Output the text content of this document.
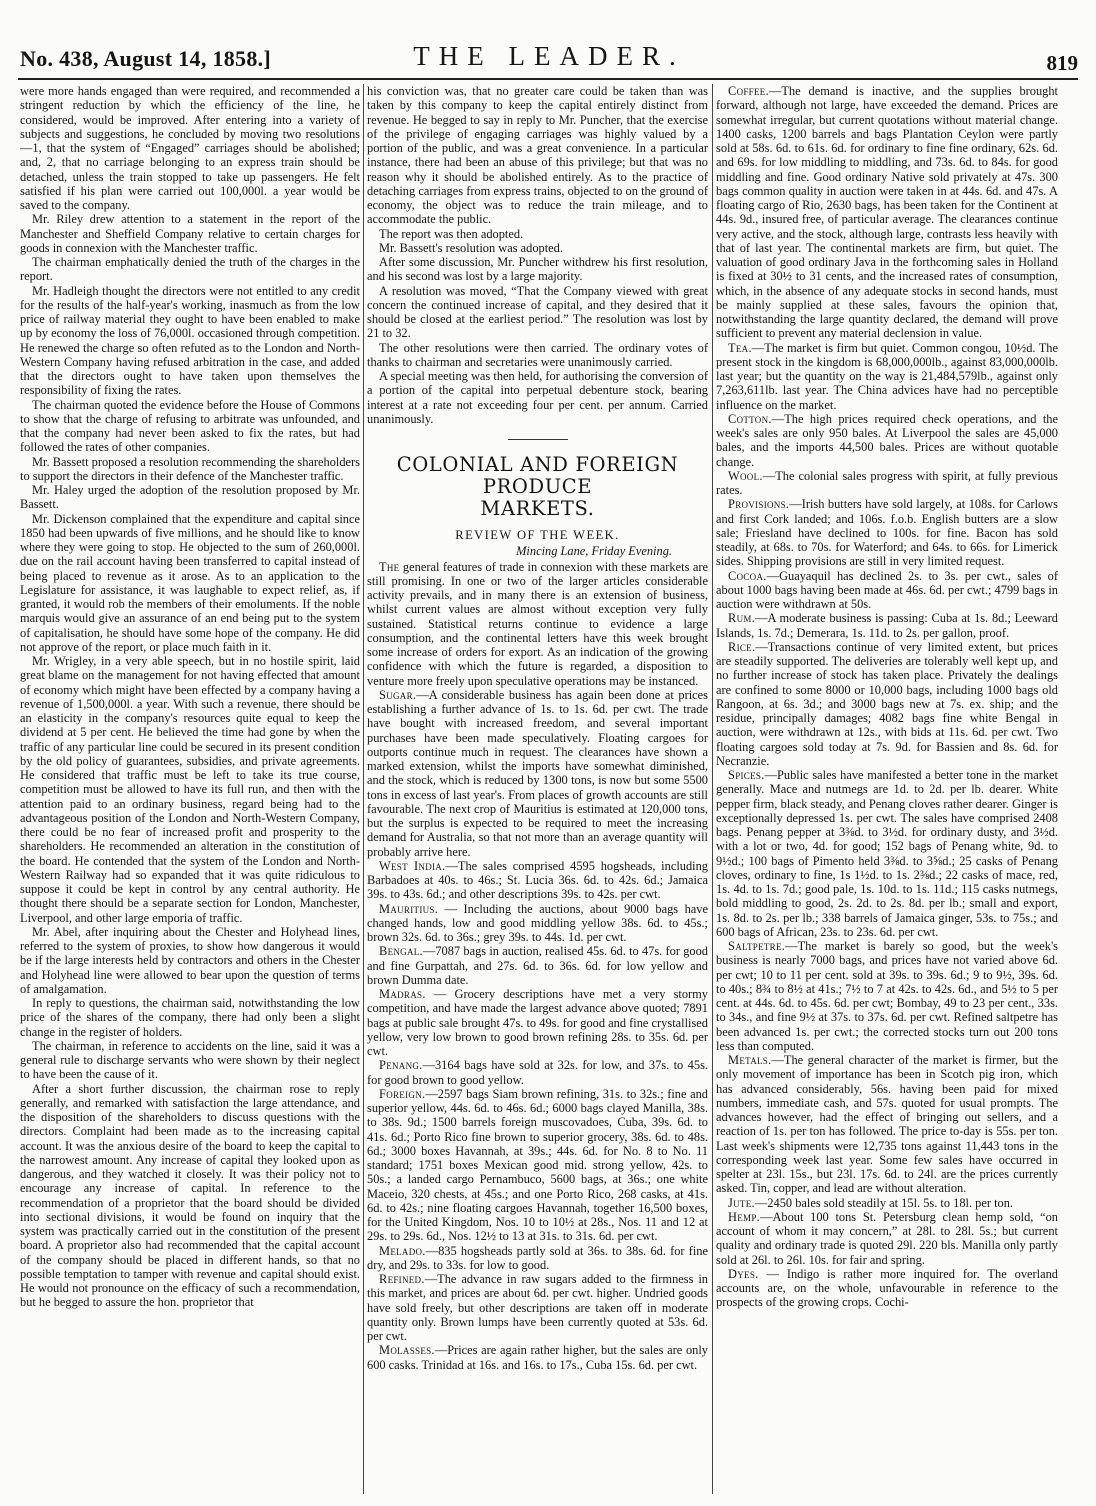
No. 438, August 14, 1858.]	THE LEADER.	819

were more hands engaged than were required, and recommended a stringent reduction by which the efficiency of the line, he considered, would be improved. After entering into a variety of subjects and suggestions, he concluded by moving two resolutions—1, that the system of “Engaged” carriages should be abolished; and, 2, that no carriage belonging to an express train should be detached, unless the train stopped to take up passengers. He felt satisfied if his plan were carried out 100,000l. a year would be saved to the company.

Mr. Riley drew attention to a statement in the report of the Manchester and Sheffield Company relative to certain charges for goods in connexion with the Manchester traffic.

The chairman emphatically denied the truth of the charges in the report.

Mr. Hadleigh thought the directors were not entitled to any credit for the results of the half-year's working, inasmuch as from the low price of railway material they ought to have been enabled to make up by economy the loss of 76,000l. occasioned through competition. He renewed the charge so often refuted as to the London and North-Western Company having refused arbitration in the case, and added that the directors ought to have taken upon themselves the responsibility of fixing the rates.

The chairman quoted the evidence before the House of Commons to show that the charge of refusing to arbitrate was unfounded, and that the company had never been asked to fix the rates, but had followed the rates of other companies.

Mr. Bassett proposed a resolution recommending the shareholders to support the directors in their defence of the Manchester traffic.

Mr. Haley urged the adoption of the resolution proposed by Mr. Bassett.

Mr. Dickenson complained that the expenditure and capital since 1850 had been upwards of five millions, and he should like to know where they were going to stop. He objected to the sum of 260,000l. due on the rail account having been transferred to capital instead of being placed to revenue as it arose. As to an application to the Legislature for assistance, it was laughable to expect relief, as, if granted, it would rob the members of their emoluments. If the noble marquis would give an assurance of an end being put to the system of capitalisation, he should have some hope of the company. He did not approve of the report, or place much faith in it.

Mr. Wrigley, in a very able speech, but in no hostile spirit, laid great blame on the management for not having effected that amount of economy which might have been effected by a company having a revenue of 1,500,000l. a year. With such a revenue, there should be an elasticity in the company's resources quite equal to keep the dividend at 5 per cent. He believed the time had gone by when the traffic of any particular line could be secured in its present condition by the old policy of guarantees, subsidies, and private agreements. He considered that traffic must be left to take its true course, competition must be allowed to have its full run, and then with the attention paid to an ordinary business, regard being had to the advantageous position of the London and North-Western Company, there could be no fear of increased profit and prosperity to the shareholders. He recommended an alteration in the constitution of the board. He contended that the system of the London and North-Western Railway had so expanded that it was quite ridiculous to suppose it could be kept in control by any central authority. He thought there should be a separate section for London, Manchester, Liverpool, and other large emporia of traffic.

Mr. Abel, after inquiring about the Chester and Holyhead lines, referred to the system of proxies, to show how dangerous it would be if the large interests held by contractors and others in the Chester and Holyhead line were allowed to bear upon the question of terms of amalgamation.

In reply to questions, the chairman said, notwithstanding the low price of the shares of the company, there had only been a slight change in the register of holders.

The chairman, in reference to accidents on the line, said it was a general rule to discharge servants who were shown by their neglect to have been the cause of it.

After a short further discussion, the chairman rose to reply generally, and remarked with satisfaction the large attendance, and the disposition of the shareholders to discuss questions with the directors. Complaint had been made as to the increasing capital account. It was the anxious desire of the board to keep the capital to the narrowest amount. Any increase of capital they looked upon as dangerous, and they watched it closely. It was their policy not to encourage any increase of capital. In reference to the recommendation of a proprietor that the board should be divided into sectional divisions, it would be found on inquiry that the system was practically carried out in the constitution of the present board. A proprietor also had recommended that the capital account of the company should be placed in different hands, so that no possible temptation to tamper with revenue and capital should exist. He would not pronounce on the efficacy of such a recommendation, but he begged to assure the hon. proprietor that

his conviction was, that no greater care could be taken than was taken by this company to keep the capital entirely distinct from revenue. He begged to say in reply to Mr. Puncher, that the exercise of the privilege of engaging carriages was highly valued by a portion of the public, and was a great convenience. In a particular instance, there had been an abuse of this privilege; but that was no reason why it should be abolished entirely. As to the practice of detaching carriages from express trains, objected to on the ground of economy, the object was to reduce the train mileage, and to accommodate the public.

The report was then adopted.

Mr. Bassett's resolution was adopted.

After some discussion, Mr. Puncher withdrew his first resolution, and his second was lost by a large majority.

A resolution was moved, “That the Company viewed with great concern the continued increase of capital, and they desired that it should be closed at the earliest period.” The resolution was lost by 21 to 32.

The other resolutions were then carried. The ordinary votes of thanks to chairman and secretaries were unanimously carried.

A special meeting was then held, for authorising the conversion of a portion of the capital into perpetual debenture stock, bearing interest at a rate not exceeding four per cent. per annum. Carried unanimously.

COLONIAL AND FOREIGN PRODUCE
MARKETS.
REVIEW OF THE WEEK.
Mincing Lane, Friday Evening.

The general features of trade in connexion with these markets are still promising. In one or two of the larger articles considerable activity prevails, and in many there is an extension of business, whilst current values are almost without exception very fully sustained. Statistical returns continue to evidence a large consumption, and the continental letters have this week brought some increase of orders for export. As an indication of the growing confidence with which the future is regarded, a disposition to venture more freely upon speculative operations may be instanced.

Sugar.—A considerable business has again been done at prices establishing a further advance of 1s. to 1s. 6d. per cwt. The trade have bought with increased freedom, and several important purchases have been made speculatively. Floating cargoes for outports continue much in request. The clearances have shown a marked extension, whilst the imports have somewhat diminished, and the stock, which is reduced by 1300 tons, is now but some 5500 tons in excess of last year's. From places of growth accounts are still favourable. The next crop of Mauritius is estimated at 120,000 tons, but the surplus is expected to be required to meet the increasing demand for Australia, so that not more than an average quantity will probably arrive here.

West India.—The sales comprised 4595 hogsheads, including Barbadoes at 40s. to 46s.; St. Lucia 36s. 6d. to 42s. 6d.; Jamaica 39s. to 43s. 6d.; and other descriptions 39s. to 42s. per cwt.

Mauritius. — Including the auctions, about 9000 bags have changed hands, low and good middling yellow 38s. 6d. to 45s.; brown 32s. 6d. to 36s.; grey 39s. to 44s. 1d. per cwt.

Bengal.—7087 bags in auction, realised 45s. 6d. to 47s. for good and fine Gurpattah, and 27s. 6d. to 36s. 6d. for low yellow and brown Dumma date.

Madras. — Grocery descriptions have met a very stormy competition, and have made the largest advance above quoted; 7891 bags at public sale brought 47s. to 49s. for good and fine crystallised yellow, very low brown to good brown refining 28s. to 35s. 6d. per cwt.

Penang.—3164 bags have sold at 32s. for low, and 37s. to 45s. for good brown to good yellow.

Foreign.—2597 bags Siam brown refining, 31s. to 32s.; fine and superior yellow, 44s. 6d. to 46s. 6d.; 6000 bags clayed Manilla, 38s. to 38s. 9d.; 1500 barrels foreign muscovadoes, Cuba, 39s. 6d. to 41s. 6d.; Porto Rico fine brown to superior grocery, 38s. 6d. to 48s. 6d.; 3000 boxes Havannah, at 39s.; 44s. 6d. for No. 8 to No. 11 standard; 1751 boxes Mexican good mid. strong yellow, 42s. to 50s.; a landed cargo Pernambuco, 5600 bags, at 36s.; one white Maceio, 320 chests, at 45s.; and one Porto Rico, 268 casks, at 41s. 6d. to 42s.; nine floating cargoes Havannah, together 16,500 boxes, for the United Kingdom, Nos. 10 to 10½ at 28s., Nos. 11 and 12 at 29s. to 29s. 6d., Nos. 12½ to 13 at 31s. to 31s. 6d. per cwt.

Melado.—835 hogsheads partly sold at 36s. to 38s. 6d. for fine dry, and 29s. to 33s. for low to good.

Refined.—The advance in raw sugars added to the firmness in this market, and prices are about 6d. per cwt. higher. Undried goods have sold freely, but other descriptions are taken off in moderate quantity only. Brown lumps have been currently quoted at 53s. 6d. per cwt.

Molasses.—Prices are again rather higher, but the sales are only 600 casks. Trinidad at 16s. and 16s. to 17s., Cuba 15s. 6d. per cwt.

Coffee.—The demand is inactive, and the supplies brought forward, although not large, have exceeded the demand. Prices are somewhat irregular, but current quotations without material change. 1400 casks, 1200 barrels and bags Plantation Ceylon were partly sold at 58s. 6d. to 61s. 6d. for ordinary to fine fine ordinary, 62s. 6d. and 69s. for low middling to middling, and 73s. 6d. to 84s. for good middling and fine. Good ordinary Native sold privately at 47s. 300 bags common quality in auction were taken in at 44s. 6d. and 47s. A floating cargo of Rio, 2630 bags, has been taken for the Continent at 44s. 9d., insured free, of particular average. The clearances continue very active, and the stock, although large, contrasts less heavily with that of last year. The continental markets are firm, but quiet. The valuation of good ordinary Java in the forthcoming sales in Holland is fixed at 30½ to 31 cents, and the increased rates of consumption, which, in the absence of any adequate stocks in second hands, must be mainly supplied at these sales, favours the opinion that, notwithstanding the large quantity declared, the demand will prove sufficient to prevent any material declension in value.

Tea.—The market is firm but quiet. Common congou, 10½d. The present stock in the kingdom is 68,000,000lb., against 83,000,000lb. last year; but the quantity on the way is 21,484,579lb., against only 7,263,611lb. last year. The China advices have had no perceptible influence on the market.

Cotton.—The high prices required check operations, and the week's sales are only 950 bales. At Liverpool the sales are 45,000 bales, and the imports 44,500 bales. Prices are without quotable change.

Wool.—The colonial sales progress with spirit, at fully previous rates.

Provisions.—Irish butters have sold largely, at 108s. for Carlows and first Cork landed; and 106s. f.o.b. English butters are a slow sale; Friesland have declined to 100s. for fine. Bacon has sold steadily, at 68s. to 70s. for Waterford; and 64s. to 66s. for Limerick sides. Shipping provisions are still in very limited request.

Cocoa.—Guayaquil has declined 2s. to 3s. per cwt., sales of about 1000 bags having been made at 46s. 6d. per cwt.; 4799 bags in auction were withdrawn at 50s.

Rum.—A moderate business is passing: Cuba at 1s. 8d.; Leeward Islands, 1s. 7d.; Demerara, 1s. 11d. to 2s. per gallon, proof.

Rice.—Transactions continue of very limited extent, but prices are steadily supported. The deliveries are tolerably well kept up, and no further increase of stock has taken place. Privately the dealings are confined to some 8000 or 10,000 bags, including 1000 bags old Rangoon, at 6s. 3d.; and 3000 bags new at 7s. ex. ship; and the residue, principally damages; 4082 bags fine white Bengal in auction, were withdrawn at 12s., with bids at 11s. 6d. per cwt. Two floating cargoes sold today at 7s. 9d. for Bassien and 8s. 6d. for Necranzie.

Spices.—Public sales have manifested a better tone in the market generally. Mace and nutmegs are 1d. to 2d. per lb. dearer. White pepper firm, black steady, and Penang cloves rather dearer. Ginger is exceptionally depressed 1s. per cwt. The sales have comprised 2408 bags. Penang pepper at 3⅜d. to 3½d. for ordinary dusty, and 3½d. with a lot or two, 4d. for good; 152 bags of Penang white, 9d. to 9½d.; 100 bags of Pimento held 3⅜d. to 3⅝d.; 25 casks of Penang cloves, ordinary to fine, 1s 1½d. to 1s. 2⅜d.; 22 casks of mace, red, 1s. 4d. to 1s. 7d.; good pale, 1s. 10d. to 1s. 11d.; 115 casks nutmegs, bold middling to good, 2s. 2d. to 2s. 8d. per lb.; small and export, 1s. 8d. to 2s. per lb.; 338 barrels of Jamaica ginger, 53s. to 75s.; and 600 bags of African, 23s. to 23s. 6d. per cwt.

Saltpetre.—The market is barely so good, but the week's business is nearly 7000 bags, and prices have not varied above 6d. per cwt; 10 to 11 per cent. sold at 39s. to 39s. 6d.; 9 to 9½, 39s. 6d. to 40s.; 8¾ to 8½ at 41s.; 7½ to 7 at 42s. to 42s. 6d., and 5½ to 5 per cent. at 44s. 6d. to 45s. 6d. per cwt; Bombay, 49 to 23 per cent., 33s. to 34s., and fine 9½ at 37s. to 37s. 6d. per cwt. Refined saltpetre has been advanced 1s. per cwt.; the corrected stocks turn out 200 tons less than computed.

Metals.—The general character of the market is firmer, but the only movement of importance has been in Scotch pig iron, which has advanced considerably, 56s. having been paid for mixed numbers, immediate cash, and 57s. quoted for usual prompts. The advances however, had the effect of bringing out sellers, and a reaction of 1s. per ton has followed. The price to-day is 55s. per ton. Last week's shipments were 12,735 tons against 11,443 tons in the corresponding week last year. Some few sales have occurred in spelter at 23l. 15s., but 23l. 17s. 6d. to 24l. are the prices currently asked. Tin, copper, and lead are without alteration.

Jute.—2450 bales sold steadily at 15l. 5s. to 18l. per ton.

Hemp.—About 100 tons St. Petersburg clean hemp sold, “on account of whom it may concern,” at 28l. to 28l. 5s.; but current quality and ordinary trade is quoted 29l. 220 bls. Manilla only partly sold at 26l. to 26l. 10s. for fair and spring.

Dyes. — Indigo is rather more inquired for. The overland accounts are, on the whole, unfavourable in reference to the prospects of the growing crops. Cochi-
